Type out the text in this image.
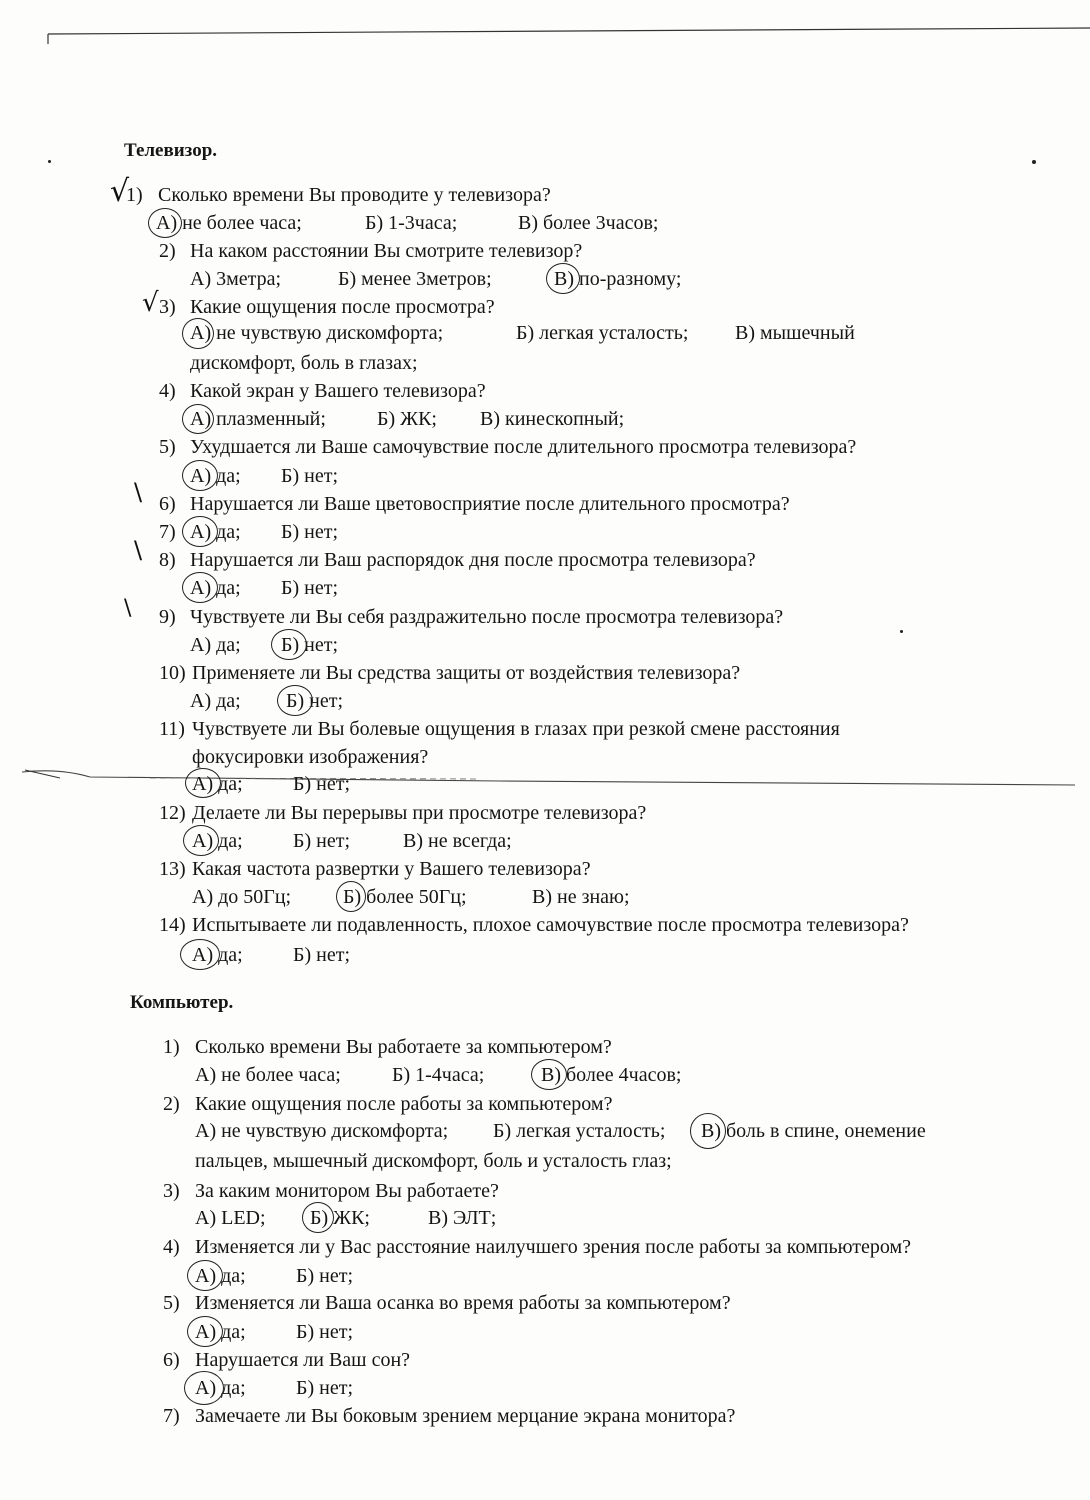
Телевизор.
√
1) Сколько времени Вы проводите у телевизора?
А) не более часа;	Б) 1-3часа;	В) более 3часов;
2) На каком расстоянии Вы смотрите телевизор?
А) 3метра;	Б) менее 3метров;	В) по-разному;
√ 3) Какие ощущения после просмотра?
А) не чувствую дискомфорта;	Б) легкая усталость; В) мышечный
дискомфорт, боль в глазах;
4) Какой экран у Вашего телевизора?
А) плазменный;	Б) ЖК; В) кинескопный;
5) Ухудшается ли Ваше самочувствие после длительного просмотра телевизора?
А) да; Б) нет;
\ 6) Нарушается ли Ваше цветовосприятие после длительного просмотра?
7) А) да; Б) нет;
\ 8) Нарушается ли Ваш распорядок дня после просмотра телевизора?
А) да; Б) нет;
\ 9) Чувствуете ли Вы себя раздражительно после просмотра телевизора?
А) да; Б) нет;
10) Применяете ли Вы средства защиты от воздействия телевизора?
А) да; Б) нет;
11) Чувствуете ли Вы болевые ощущения в глазах при резкой смене расстояния
фокусировки изображения?
А) да;	Б) нет;
12) Делаете ли Вы перерывы при просмотре телевизора?
А) да;	Б) нет;	В) не всегда;
13) Какая частота развертки у Вашего телевизора?
А) до 50Гц;	Б) более 50Гц;	В) не знаю;
14) Испытываете ли подавленность, плохое самочувствие после просмотра телевизора?
А) да;	Б) нет;
Компьютер.
1) Сколько времени Вы работаете за компьютером?
А) не более часа;	Б) 1-4часа;	В) более 4часов;
2) Какие ощущения после работы за компьютером?
А) не чувствую дискомфорта; Б) легкая усталость; В) боль в спине, онемение
пальцев, мышечный дискомфорт, боль и усталость глаз;
3) За каким монитором Вы работаете?
А) LED; Б) ЖК;	В) ЭЛТ;
4) Изменяется ли у Вас расстояние наилучшего зрения после работы за компьютером?
А) да;	Б) нет;
5) Изменяется ли Ваша осанка во время работы за компьютером?
А) да;	Б) нет;
6) Нарушается ли Ваш сон?
А) да;	Б) нет;
7) Замечаете ли Вы боковым зрением мерцание экрана монитора?
